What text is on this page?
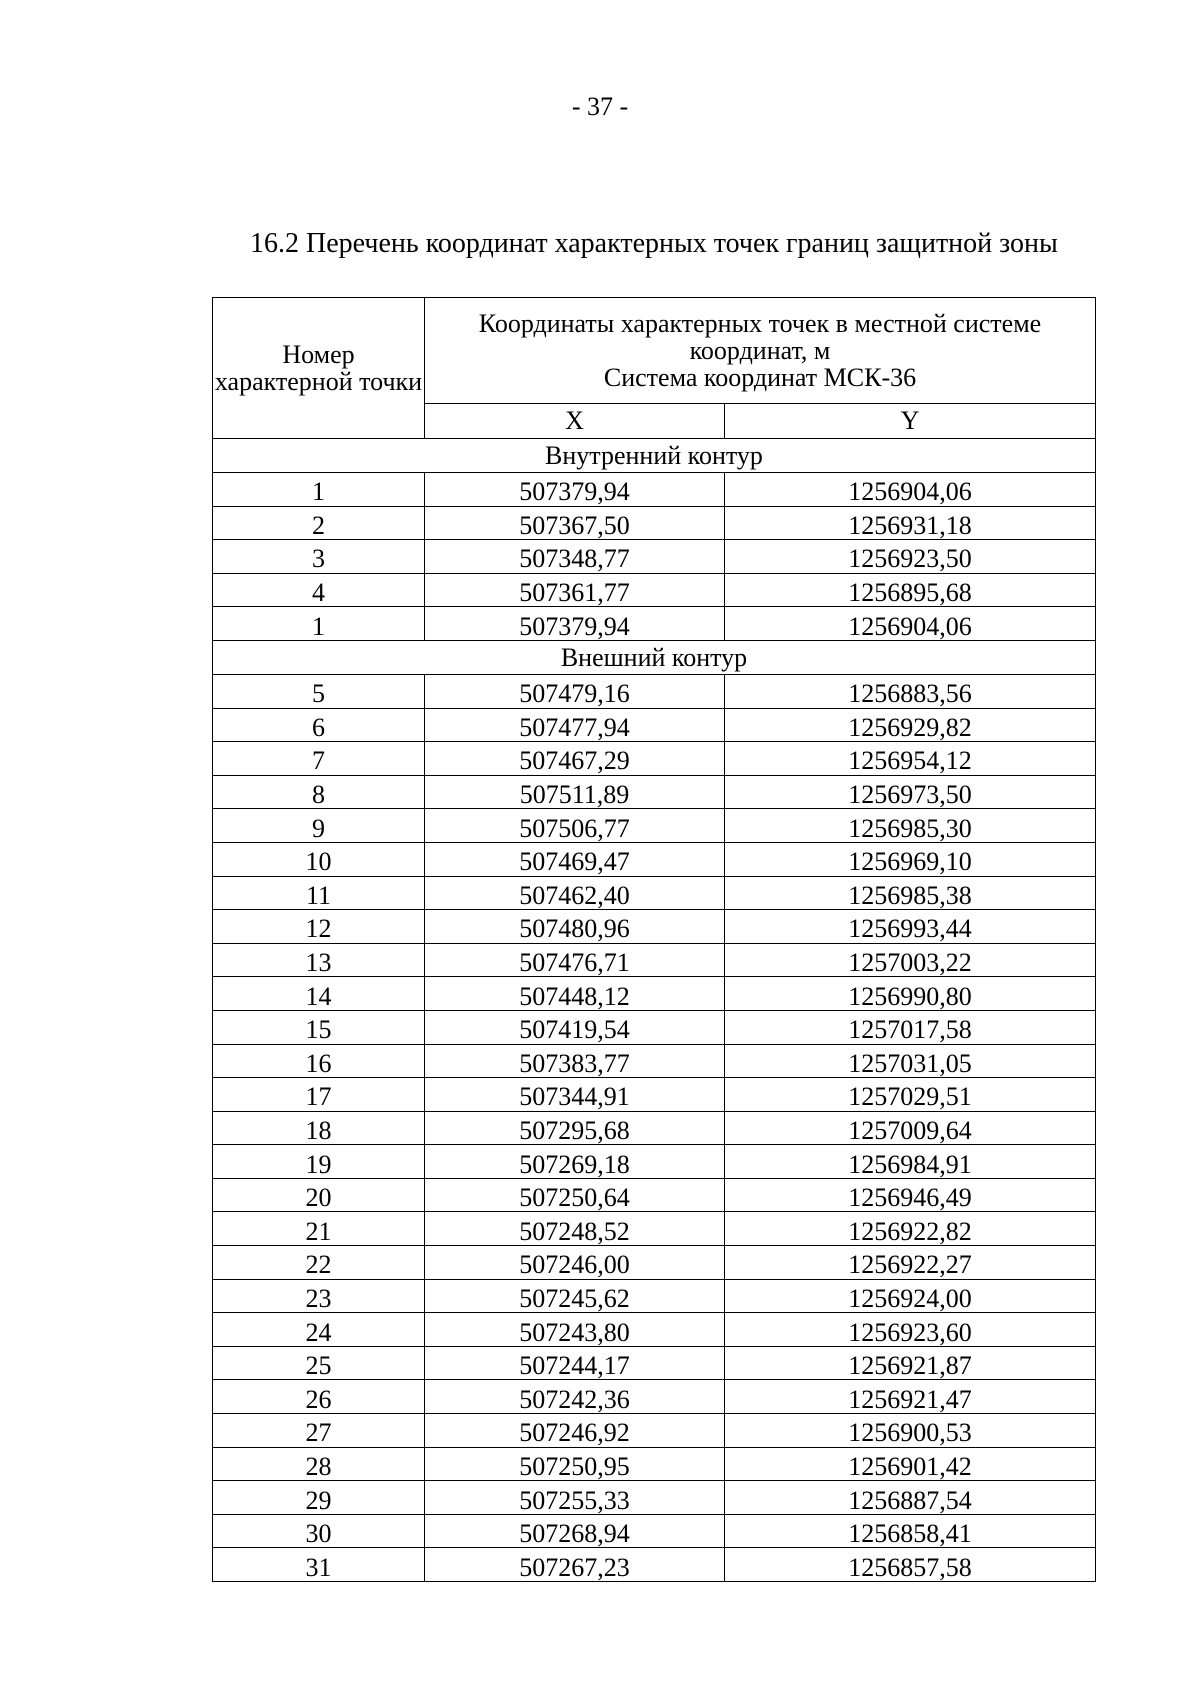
- 37 -
16.2 Перечень координат характерных точек границ защитной зоны
Номер характерной точки	Координаты характерных точек в местной системе
координат, м
Система координат МСК-36	
	X	Y
Внутренний контур		
1	507379,94	1256904,06
2	507367,50	1256931,18
3	507348,77	1256923,50
4	507361,77	1256895,68
1	507379,94	1256904,06
Внешний контур		
5	507479,16	1256883,56
6	507477,94	1256929,82
7	507467,29	1256954,12
8	507511,89	1256973,50
9	507506,77	1256985,30
10	507469,47	1256969,10
11	507462,40	1256985,38
12	507480,96	1256993,44
13	507476,71	1257003,22
14	507448,12	1256990,80
15	507419,54	1257017,58
16	507383,77	1257031,05
17	507344,91	1257029,51
18	507295,68	1257009,64
19	507269,18	1256984,91
20	507250,64	1256946,49
21	507248,52	1256922,82
22	507246,00	1256922,27
23	507245,62	1256924,00
24	507243,80	1256923,60
25	507244,17	1256921,87
26	507242,36	1256921,47
27	507246,92	1256900,53
28	507250,95	1256901,42
29	507255,33	1256887,54
30	507268,94	1256858,41
31	507267,23	1256857,58
